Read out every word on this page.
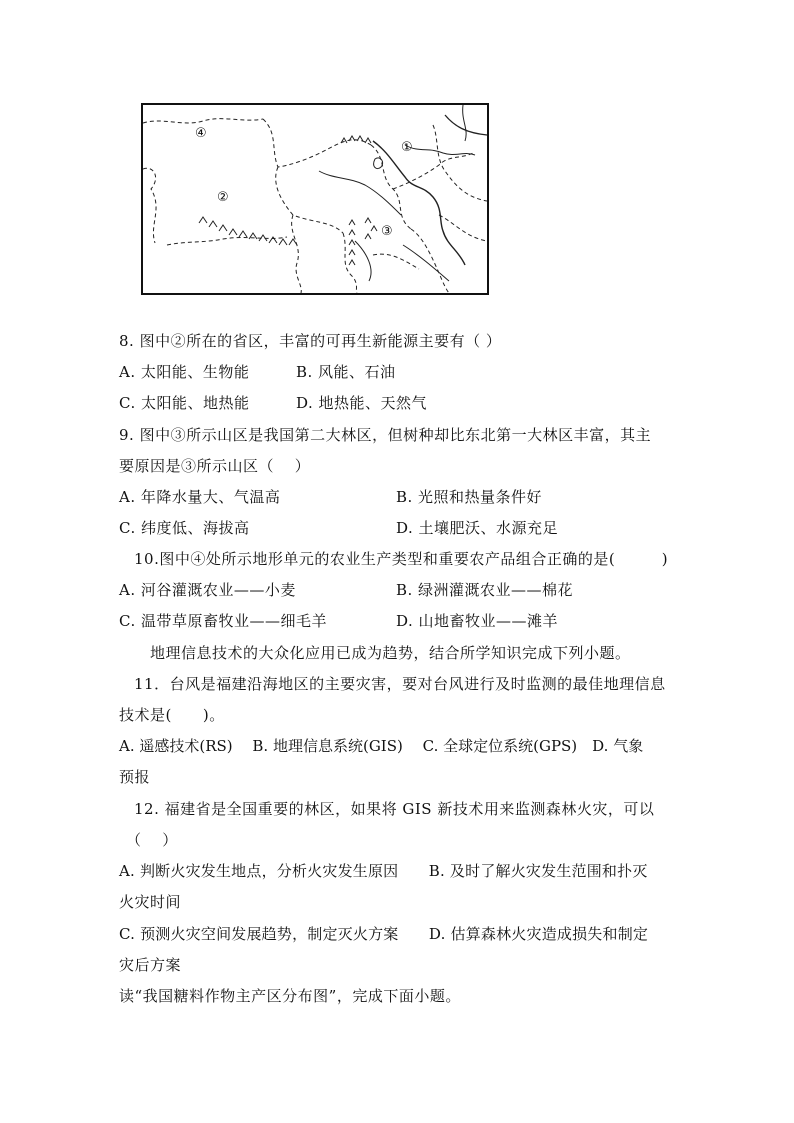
①
②
③
④
8. 图中②所在的省区，丰富的可再生新能源主要有（ ）
A. 太阳能、生物能	B. 风能、石油
C. 太阳能、地热能	D. 地热能、天然气
9. 图中③所示山区是我国第二大林区，但树种却比东北第一大林区丰富，其主
要原因是③所示山区（　 ）
A. 年降水量大、气温高	B. 光照和热量条件好
C. 纬度低、海拔高	D. 土壤肥沃、水源充足
10.图中④处所示地形单元的农业生产类型和重要农产品组合正确的是(　　　)
A. 河谷灌溉农业——小麦	B. 绿洲灌溉农业——棉花
C. 温带草原畜牧业——细毛羊	D. 山地畜牧业——滩羊
地理信息技术的大众化应用已成为趋势，结合所学知识完成下列小题。
11．台风是福建沿海地区的主要灾害，要对台风进行及时监测的最佳地理信息
技术是(　　)。
A. 遥感技术(RS)　 B. 地理信息系统(GIS)　 C. 全球定位系统(GPS)　D. 气象
预报
12. 福建省是全国重要的林区，如果将 GIS 新技术用来监测森林火灾，可以
（　 ）
A. 判断火灾发生地点，分析火灾发生原因　　B. 及时了解火灾发生范围和扑灭
火灾时间
C. 预测火灾空间发展趋势，制定灭火方案　　D. 估算森林火灾造成损失和制定
灾后方案
读“我国糖料作物主产区分布图”，完成下面小题。
